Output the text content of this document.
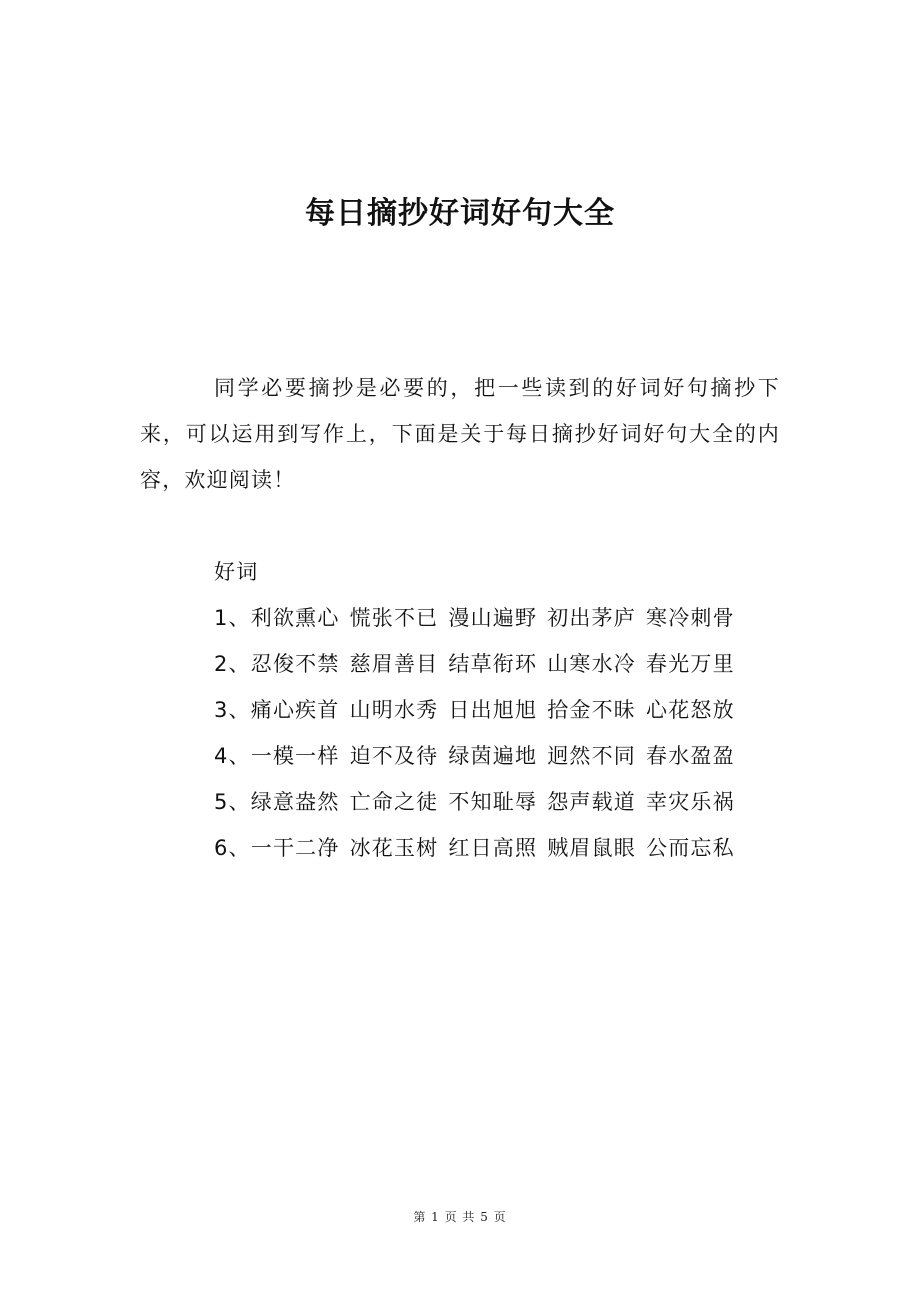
每日摘抄好词好句大全

同学必要摘抄是必要的，把一些读到的好词好句摘抄下来，可以运用到写作上，下面是关于每日摘抄好词好句大全的内容，欢迎阅读！

好词

1、利欲熏心 慌张不已 漫山遍野 初出茅庐 寒冷刺骨

2、忍俊不禁 慈眉善目 结草衔环 山寒水冷 春光万里

3、痛心疾首 山明水秀 日出旭旭 拾金不昧 心花怒放

4、一模一样 迫不及待 绿茵遍地 迥然不同 春水盈盈

5、绿意盎然 亡命之徒 不知耻辱 怨声载道 幸灾乐祸

6、一干二净 冰花玉树 红日高照 贼眉鼠眼 公而忘私

第 1 页 共 5 页
